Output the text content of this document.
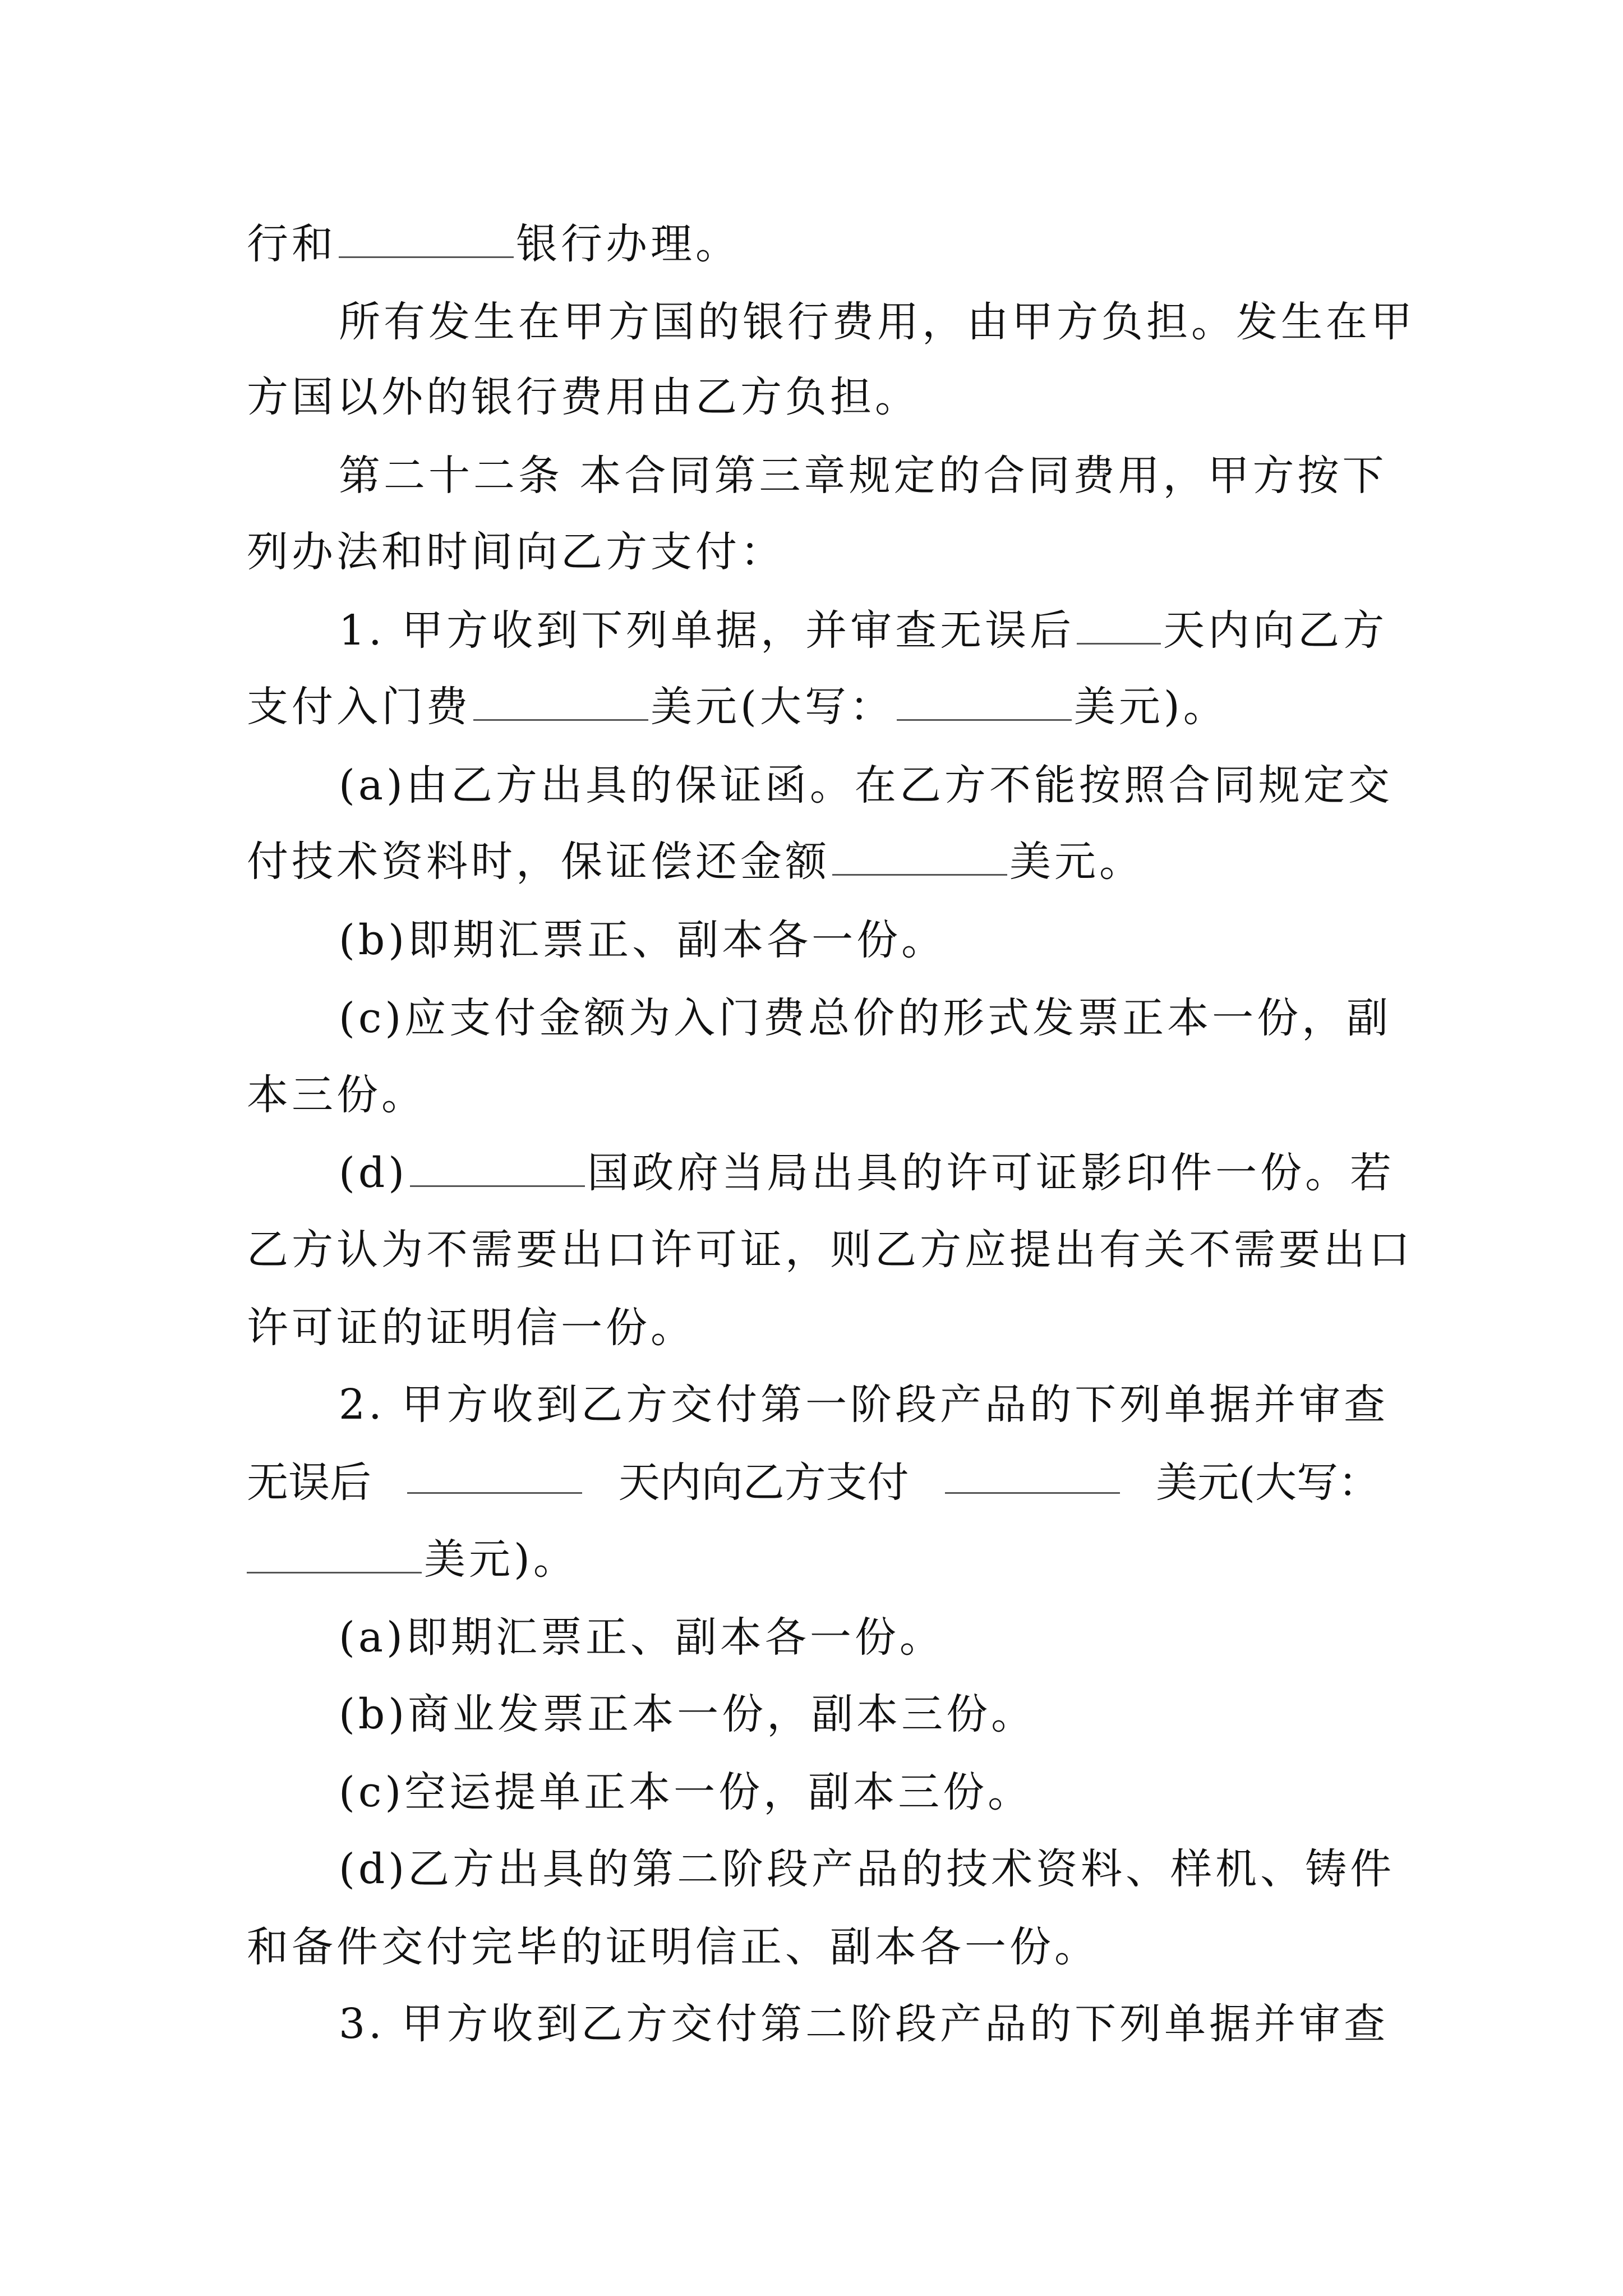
行和	银行办理。
所有发生在甲方国的银行费用，由甲方负担。发生在甲
方国以外的银行费用由乙方负担。
第二十二条 本合同第三章规定的合同费用，甲方按下
列办法和时间向乙方支付：
1. 甲方收到下列单据，并审查无误后 天内向乙方
支付入门费	美元(大写：	美元)。
(a)由乙方出具的保证函。在乙方不能按照合同规定交
付技术资料时，保证偿还金额	美元。
(b)即期汇票正、副本各一份。
(c)应支付金额为入门费总价的形式发票正本一份，副
本三份。
(d)	国政府当局出具的许可证影印件一份。若
乙方认为不需要出口许可证，则乙方应提出有关不需要出口
许可证的证明信一份。
2. 甲方收到乙方交付第一阶段产品的下列单据并审查
无误后	天内向乙方支付	美元(大写：
美元)。
(a)即期汇票正、副本各一份。
(b)商业发票正本一份，副本三份。
(c)空运提单正本一份，副本三份。
(d)乙方出具的第二阶段产品的技术资料、样机、铸件
和备件交付完毕的证明信正、副本各一份。
3. 甲方收到乙方交付第二阶段产品的下列单据并审查
